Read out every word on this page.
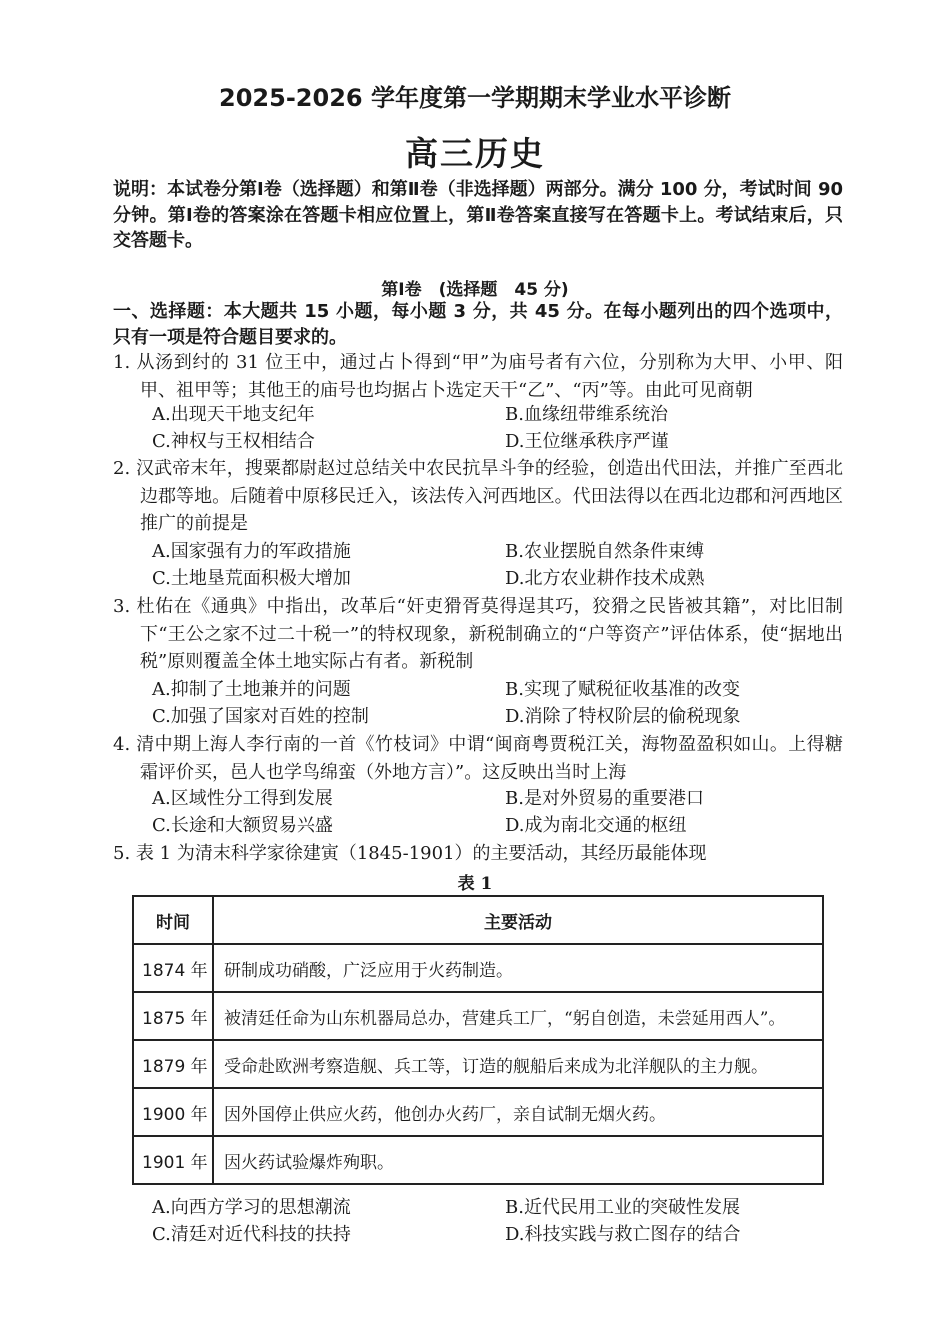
2025-2026 学年度第一学期期末学业水平诊断
高三历史
说明：本试卷分第Ⅰ卷（选择题）和第Ⅱ卷（非选择题）两部分。满分 100 分，考试时间 90 分钟。第Ⅰ卷的答案涂在答题卡相应位置上，第Ⅱ卷答案直接写在答题卡上。考试结束后，只交答题卡。
第Ⅰ卷　(选择题　45 分)
一、选择题：本大题共 15 小题，每小题 3 分，共 45 分。在每小题列出的四个选项中，只有一项是符合题目要求的。
1. 从汤到纣的 31 位王中，通过占卜得到“甲”为庙号者有六位，分别称为大甲、小甲、阳甲、祖甲等；其他王的庙号也均据占卜选定天干“乙”、“丙”等。由此可见商朝
A.出现天干地支纪年	B.血缘纽带维系统治
C.神权与王权相结合	D.王位继承秩序严谨
2. 汉武帝末年，搜粟都尉赵过总结关中农民抗旱斗争的经验，创造出代田法，并推广至西北边郡等地。后随着中原移民迁入，该法传入河西地区。代田法得以在西北边郡和河西地区推广的前提是
A.国家强有力的军政措施	B.农业摆脱自然条件束缚
C.土地垦荒面积极大增加	D.北方农业耕作技术成熟
3. 杜佑在《通典》中指出，改革后“奸吏猾胥莫得逞其巧，狡猾之民皆被其籍”，对比旧制下“王公之家不过二十税一”的特权现象，新税制确立的“户等资产”评估体系，使“据地出税”原则覆盖全体土地实际占有者。新税制
A.抑制了土地兼并的问题	B.实现了赋税征收基准的改变
C.加强了国家对百姓的控制	D.消除了特权阶层的偷税现象
4. 清中期上海人李行南的一首《竹枝词》中谓“闽商粤贾税江关，海物盈盈积如山。上得糖霜评价买，邑人也学鸟绵蛮（外地方言）”。这反映出当时上海
A.区域性分工得到发展	B.是对外贸易的重要港口
C.长途和大额贸易兴盛	D.成为南北交通的枢纽
5. 表 1 为清末科学家徐建寅（1845-1901）的主要活动，其经历最能体现
表 1
时间	主要活动
1874 年	研制成功硝酸，广泛应用于火药制造。
1875 年	被清廷任命为山东机器局总办，营建兵工厂，“躬自创造，未尝延用西人”。
1879 年	受命赴欧洲考察造舰、兵工等，订造的舰船后来成为北洋舰队的主力舰。
1900 年	因外国停止供应火药，他创办火药厂，亲自试制无烟火药。
1901 年	因火药试验爆炸殉职。
A.向西方学习的思想潮流	B.近代民用工业的突破性发展
C.清廷对近代科技的扶持	D.科技实践与救亡图存的结合
